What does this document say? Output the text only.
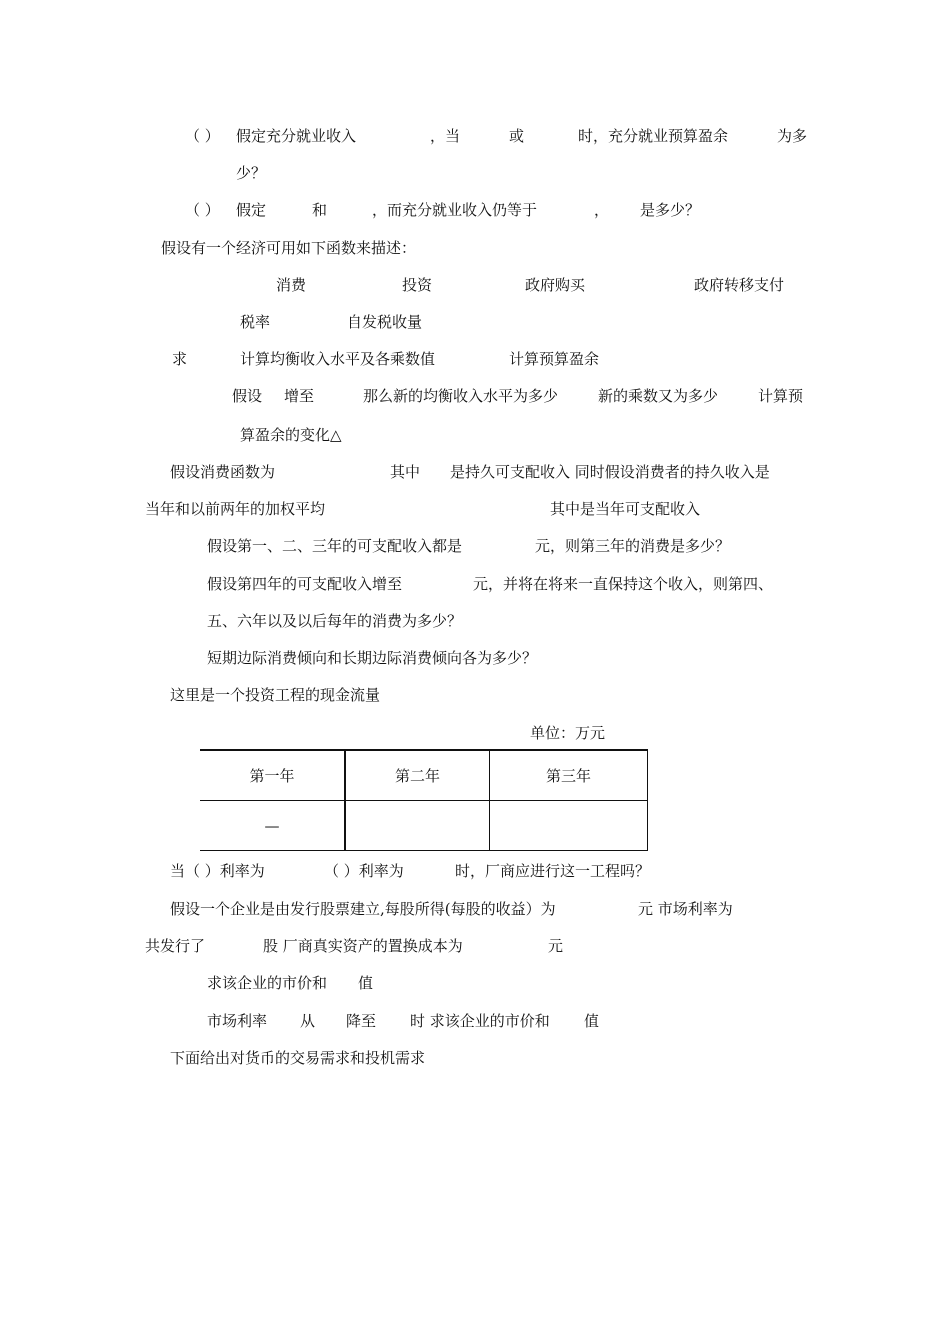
（ ） 假定充分就业收入	，当	或	时，充分就业预算盈余	为多
少？
（ ） 假定	和	，而充分就业收入仍等于	， 是多少？
假设有一个经济可用如下函数来描述：
消费	投资	政府购买	政府转移支付
税率	自发税收量
求	计算均衡收入水平及各乘数值	计算预算盈余
假设 增至	那么新的均衡收入水平为多少	新的乘数又为多少	计算预
算盈余的变化△
假设消费函数为	其中 是持久可支配收入 同时假设消费者的持久收入是
当年和以前两年的加权平均	其中是当年可支配收入
假设第一、二、三年的可支配收入都是	元，则第三年的消费是多少？
假设第四年的可支配收入增至	元，并将在将来一直保持这个收入，则第四、
五、六年以及以后每年的消费为多少？
短期边际消费倾向和长期边际消费倾向各为多少？
这里是一个投资工程的现金流量
单位：万元
第一年	第二年	第三年
—		
当（ ）利率为	（ ）利率为	时，厂商应进行这一工程吗？
假设一个企业是由发行股票建立,每股所得(每股的收益）为	元 市场利率为
共发行了	股 厂商真实资产的置换成本为	元
求该企业的市价和 值
市场利率 从 降至 时 求该企业的市价和 值
下面给出对货币的交易需求和投机需求
